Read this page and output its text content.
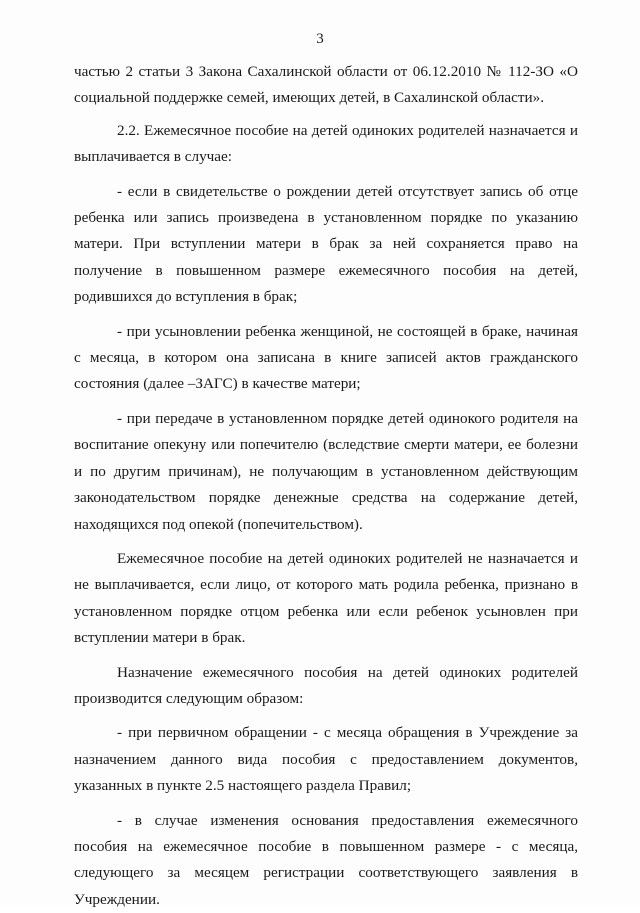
3

частью 2 статьи 3 Закона Сахалинской области от 06.12.2010 № 112-ЗО «О социальной поддержке семей, имеющих детей, в Сахалинской области».

2.2. Ежемесячное пособие на детей одиноких родителей назначается и выплачивается в случае:

- если в свидетельстве о рождении детей отсутствует запись об отце ребенка или запись произведена в установленном порядке по указанию матери. При вступлении матери в брак за ней сохраняется право на получение в повышенном размере ежемесячного пособия на детей, родившихся до вступления в брак;

- при усыновлении ребенка женщиной, не состоящей в браке, начиная с месяца, в котором она записана в книге записей актов гражданского состояния (далее –ЗАГС) в качестве матери;

- при передаче в установленном порядке детей одинокого родителя на воспитание опекуну или попечителю (вследствие смерти матери, ее болезни и по другим причинам), не получающим в установленном действующим законодательством порядке денежные средства на содержание детей, находящихся под опекой (попечительством).

Ежемесячное пособие на детей одиноких родителей не назначается и не выплачивается, если лицо, от которого мать родила ребенка, признано в установленном порядке отцом ребенка или если ребенок усыновлен при вступлении матери в брак.

Назначение ежемесячного пособия на детей одиноких родителей производится следующим образом:

- при первичном обращении - с месяца обращения в Учреждение за назначением данного вида пособия с предоставлением документов, указанных в пункте 2.5 настоящего раздела Правил;

- в случае изменения основания предоставления ежемесячного пособия на ежемесячное пособие в повышенном размере - с месяца, следующего за месяцем регистрации соответствующего заявления в Учреждении.
